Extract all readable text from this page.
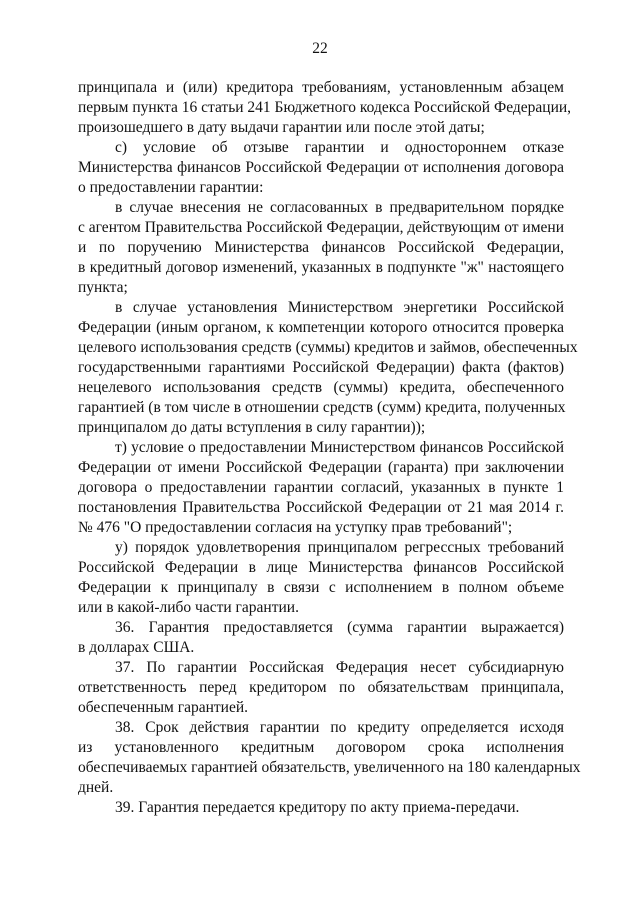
22
принципала и (или) кредитора требованиям, установленным абзацем
первым пункта 16 статьи 241 Бюджетного кодекса Российской Федерации,
произошедшего в дату выдачи гарантии или после этой даты;
с) условие об отзыве гарантии и одностороннем отказе
Министерства финансов Российской Федерации от исполнения договора
о предоставлении гарантии:
в случае внесения не согласованных в предварительном порядке
с агентом Правительства Российской Федерации, действующим от имени
и по поручению Министерства финансов Российской Федерации,
в кредитный договор изменений, указанных в подпункте "ж" настоящего
пункта;
в случае установления Министерством энергетики Российской
Федерации (иным органом, к компетенции которого относится проверка
целевого использования средств (суммы) кредитов и займов, обеспеченных
государственными гарантиями Российской Федерации) факта (фактов)
нецелевого использования средств (суммы) кредита, обеспеченного
гарантией (в том числе в отношении средств (сумм) кредита, полученных
принципалом до даты вступления в силу гарантии));
т) условие о предоставлении Министерством финансов Российской
Федерации от имени Российской Федерации (гаранта) при заключении
договора о предоставлении гарантии согласий, указанных в пункте 1
постановления Правительства Российской Федерации от 21 мая 2014 г.
№ 476 "О предоставлении согласия на уступку прав требований";
у) порядок удовлетворения принципалом регрессных требований
Российской Федерации в лице Министерства финансов Российской
Федерации к принципалу в связи с исполнением в полном объеме
или в какой-либо части гарантии.
36. Гарантия предоставляется (сумма гарантии выражается)
в долларах США.
37. По гарантии Российская Федерация несет субсидиарную
ответственность перед кредитором по обязательствам принципала,
обеспеченным гарантией.
38. Срок действия гарантии по кредиту определяется исходя
из установленного кредитным договором срока исполнения
обеспечиваемых гарантией обязательств, увеличенного на 180 календарных
дней.
39. Гарантия передается кредитору по акту приема-передачи.
